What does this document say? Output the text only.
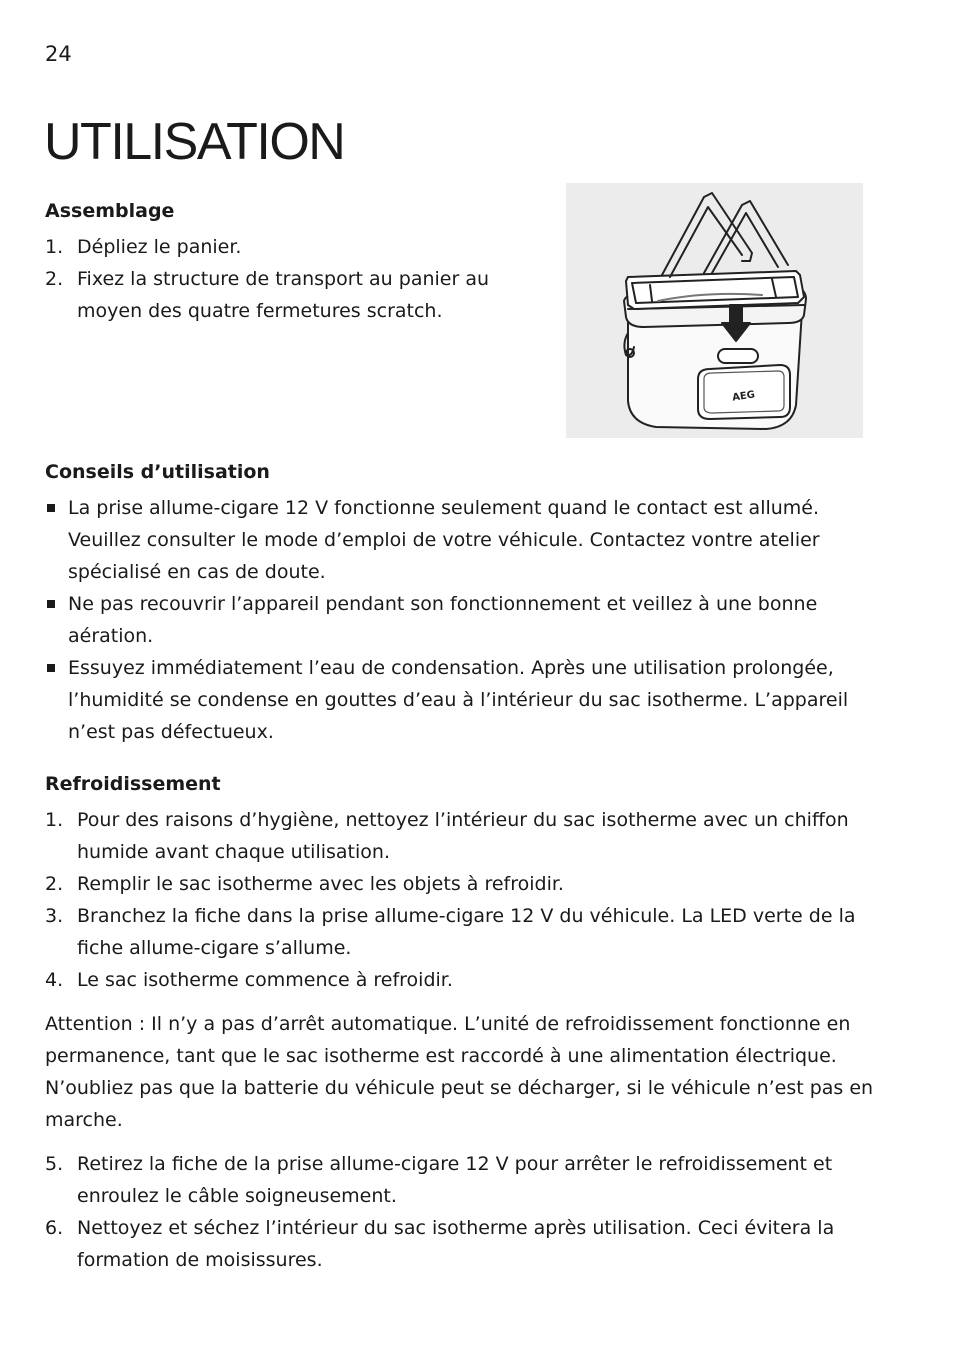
24
UTILISATION
Assemblage
1. Dépliez le panier.
2. Fixez la structure de transport au panier au moyen des quatre fermetures scratch.
AEG
Conseils d’utilisation
La prise allume-cigare 12 V fonctionne seulement quand le contact est allumé. Veuillez consulter le mode d’emploi de votre véhicule. Contactez vontre atelier spécialisé en cas de doute.
Ne pas recouvrir l’appareil pendant son fonctionnement et veillez à une bonne aération.
Essuyez immédiatement l’eau de condensation. Après une utilisation prolongée, l’humidité se condense en gouttes d’eau à l’intérieur du sac isotherme. L’appareil n’est pas défectueux.
Refroidissement
1. Pour des raisons d’hygiène, nettoyez l’intérieur du sac isotherme avec un chiffon humide avant chaque utilisation.
2. Remplir le sac isotherme avec les objets à refroidir.
3. Branchez la fiche dans la prise allume-cigare 12 V du véhicule. La LED verte de la fiche allume-cigare s’allume.
4. Le sac isotherme commence à refroidir.

Attention : Il n’y a pas d’arrêt automatique. L’unité de refroidissement fonctionne en permanence, tant que le sac isotherme est raccordé à une alimentation électrique. N’oubliez pas que la batterie du véhicule peut se décharger, si le véhicule n’est pas en marche.

5. Retirez la fiche de la prise allume-cigare 12 V pour arrêter le refroidissement et enroulez le câble soigneusement.
6. Nettoyez et séchez l’intérieur du sac isotherme après utilisation. Ceci évitera la formation de moisissures.
